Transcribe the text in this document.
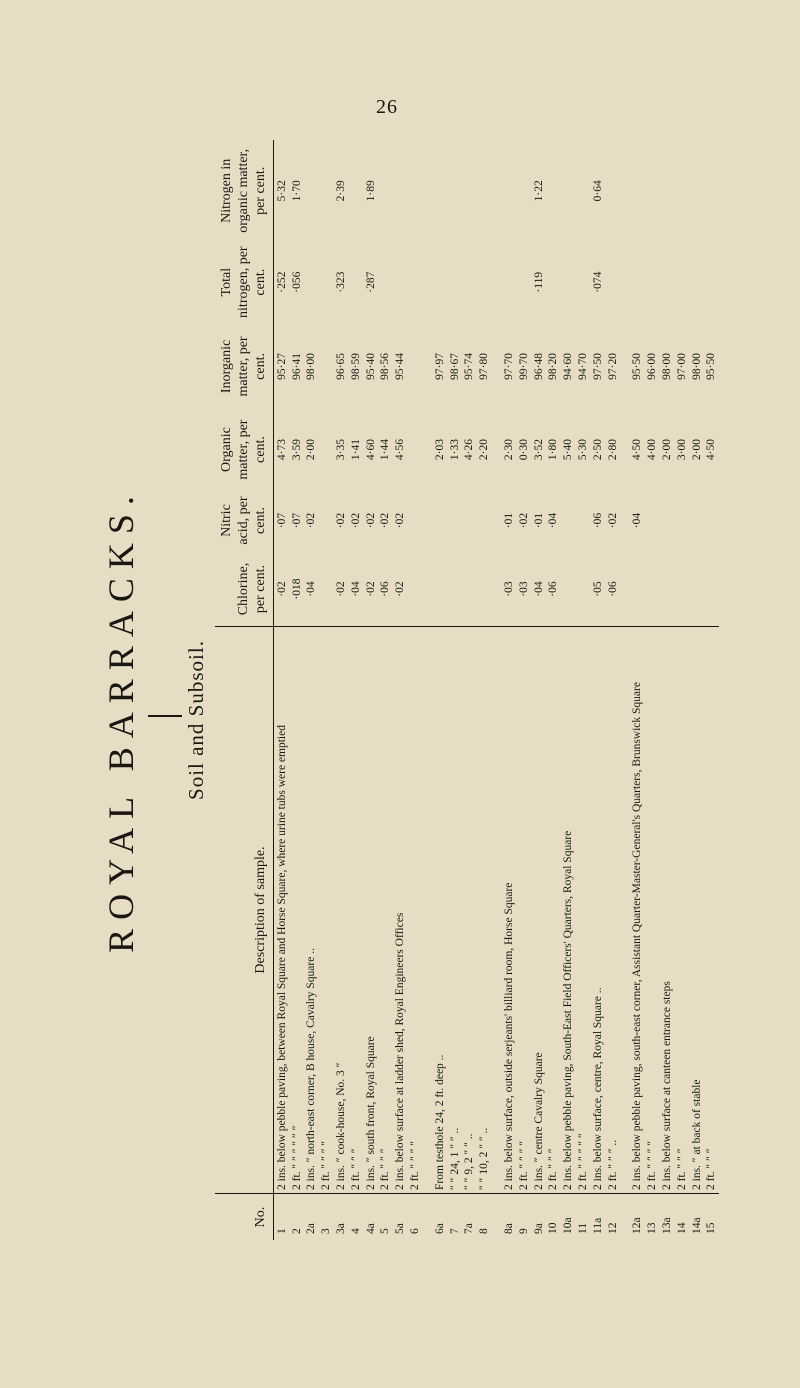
26
ROYAL BARRACKS. Soil and Subsoil.
No.	Description of sample.	Chlorine, per cent.	Nitric acid, per cent.	Organic matter, per cent.	Inorganic matter, per cent.	Total nitrogen, per cent.	Nitrogen in organic matter, per cent.
1	2 ins. below pebble paving, between Royal Square and Horse Square, where urine tubs were emptied	·02	·07	4·73	95·27	·252	5·32
2	2 ft. ″ ″ ″ ″ ″ ″	·018	·07	3·59	96·41	·056	1·70
2a	2 ins. ″ north-east corner, B house, Cavalry Square ..	·04	·02	2·00	98·00		
3	2 ft. ″ ″ ″ ″						
3a	2 ins. ″ cook-house, No. 3 ″	·02	·02	3·35	96·65	·323	2·39
4	2 ft. ″ ″ ″	·04	·02	1·41	98·59		
4a	2 ins. ″ south front, Royal Square	·02	·02	4·60	95·40	·287	1·89
5	2 ft. ″ ″ ″	·06	·02	1·44	98·56		
5a	2 ins. below surface at ladder shed, Royal Engineers Offices	·02	·02	4·56	95·44		
6	2 ft. ″ ″ ″ ″						

6a	From testhole 24, 2 ft. deep ..			2·03	97·97		
7	″ ″ 24, 1 ″ ″ ..			1·33	98·67		
7a	″ ″ 9, 2 ″ ″ ..			4·26	95·74		
8	″ ″ 10, 2 ″ ″ ..			2·20	97·80		

8a	2 ins. below surface, outside serjeants' billiard room, Horse Square	·03	·01	2·30	97·70		
9	2 ft. ″ ″ ″ ″	·03	·02	0·30	99·70		
9a	2 ins. ″ centre Cavalry Square	·04	·01	3·52	96·48	·119	1·22
10	2 ft. ″ ″ ″	·06	·04	1·80	98·20		
10a	2 ins. below pebble paving, South-East Field Officers' Quarters, Royal Square			5·40	94·60		
11	2 ft. ″ ″ ″ ″ ″			5·30	94·70		
11a	2 ins. below surface, centre, Royal Square ..	·05	·06	2·50	97·50	·074	0·64
12	2 ft. ″ ″ ″ ..	·06	·02	2·80	97·20		

12a	2 ins. below pebble paving, south-east corner, Assistant Quarter-Master-General's Quarters, Brunswick Square		·04	4·50	95·50		
13	2 ft. ″ ″ ″ ″			4·00	96·00		
13a	2 ins. below surface at canteen entrance steps			2·00	98·00		
14	2 ft. ″ ″ ″			3·00	97·00		
14a	2 ins. ″ at back of stable			2·00	98·00		
15	2 ft. ″ ″ ″			4·50	95·50		
